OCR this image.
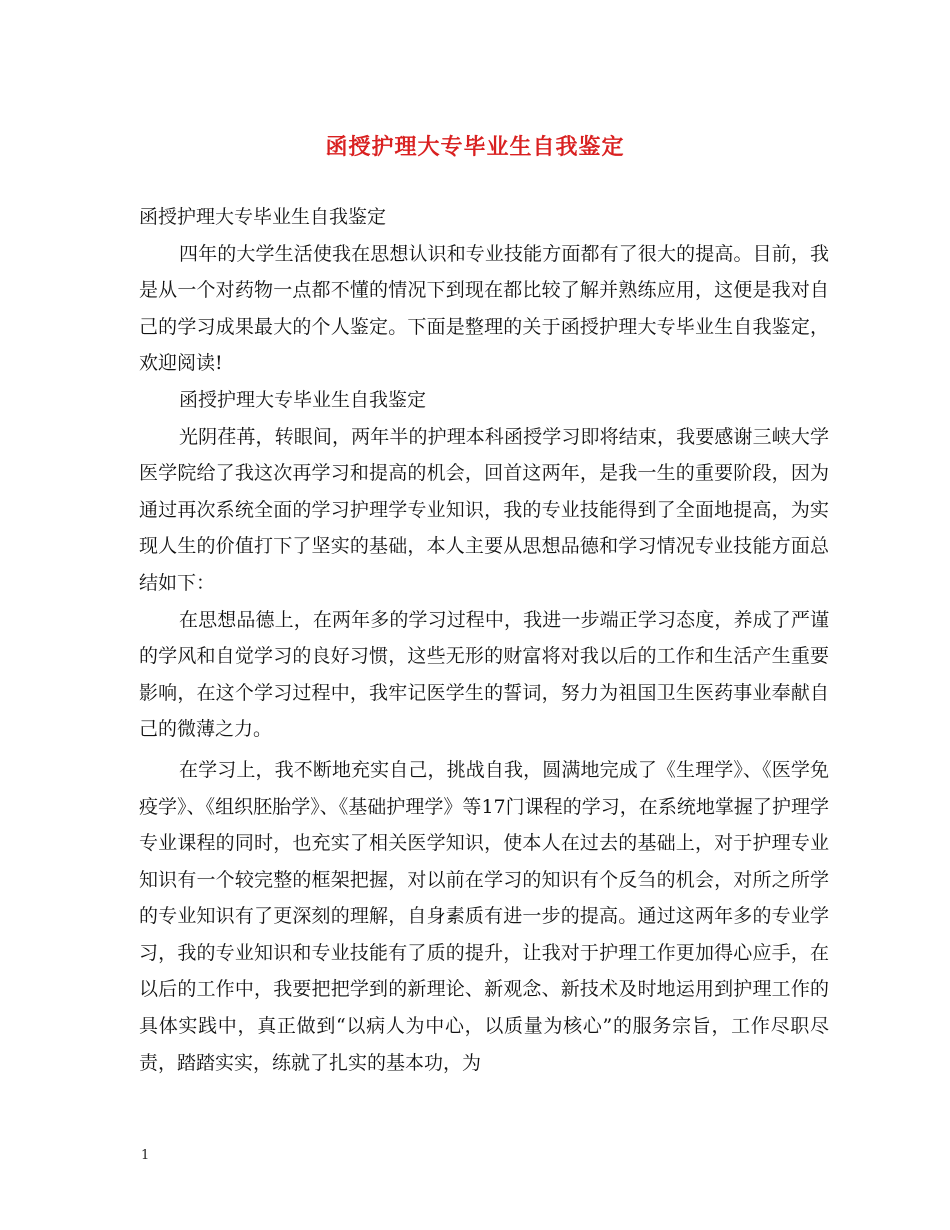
函授护理大专毕业生自我鉴定

函授护理大专毕业生自我鉴定

四年的大学生活使我在思想认识和专业技能方面都有了很大的提高。目前，我是从一个对药物一点都不懂的情况下到现在都比较了解并熟练应用，这便是我对自己的学习成果最大的个人鉴定。下面是整理的关于函授护理大专毕业生自我鉴定，欢迎阅读!

函授护理大专毕业生自我鉴定

光阴荏苒，转眼间，两年半的护理本科函授学习即将结束，我要感谢三峡大学医学院给了我这次再学习和提高的机会，回首这两年，是我一生的重要阶段，因为通过再次系统全面的学习护理学专业知识，我的专业技能得到了全面地提高，为实现人生的价值打下了坚实的基础，本人主要从思想品德和学习情况专业技能方面总结如下：

在思想品德上，在两年多的学习过程中，我进一步端正学习态度，养成了严谨的学风和自觉学习的良好习惯，这些无形的财富将对我以后的工作和生活产生重要影响，在这个学习过程中，我牢记医学生的誓词，努力为祖国卫生医药事业奉献自己的微薄之力。

在学习上，我不断地充实自己，挑战自我，圆满地完成了《生理学》、《医学免疫学》、《组织胚胎学》、《基础护理学》等17门课程的学习，在系统地掌握了护理学专业课程的同时，也充实了相关医学知识，使本人在过去的基础上，对于护理专业知识有一个较完整的框架把握，对以前在学习的知识有个反刍的机会，对所之所学的专业知识有了更深刻的理解，自身素质有进一步的提高。通过这两年多的专业学习，我的专业知识和专业技能有了质的提升，让我对于护理工作更加得心应手，在以后的工作中，我要把把学到的新理论、新观念、新技术及时地运用到护理工作的具体实践中，真正做到“以病人为中心，以质量为核心”的服务宗旨，工作尽职尽责，踏踏实实，练就了扎实的基本功，为

1
